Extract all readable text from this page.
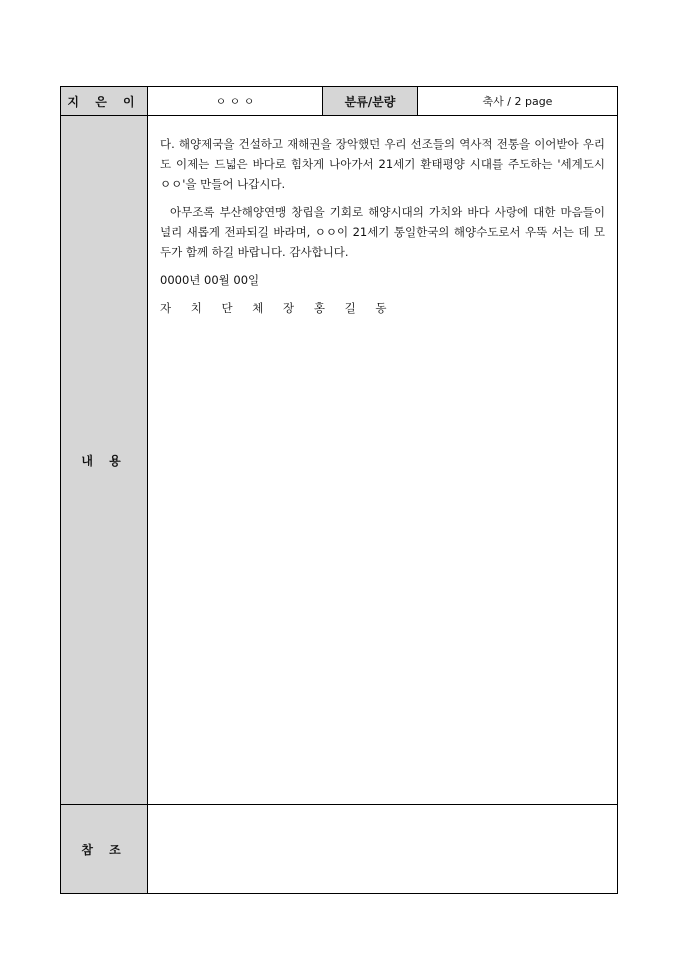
지 은 이	ㅇ ㅇ ㅇ	분류/분량	축사 / 2 page
내 용	다. 해양제국을 건설하고 재해권을 장악했던 우리 선조들의 역사적 전통을 이어받아 우리도 이제는 드넓은 바다로 힘차게 나아가서 21세기 환태평양 시대를 주도하는 '세계도시 ㅇㅇ'을 만들어 나갑시다.

아무조록 부산해양연맹 창립을 기회로 해양시대의 가치와 바다 사랑에 대한 마음들이 널리 새롭게 전파되길 바라며, ㅇㅇ이 21세기 통일한국의 해양수도로서 우뚝 서는 데 모두가 함께 하길 바랍니다. 감사합니다.

0000년 00월 00일

자 치 단 체 장 홍 길 동		

참 조			
